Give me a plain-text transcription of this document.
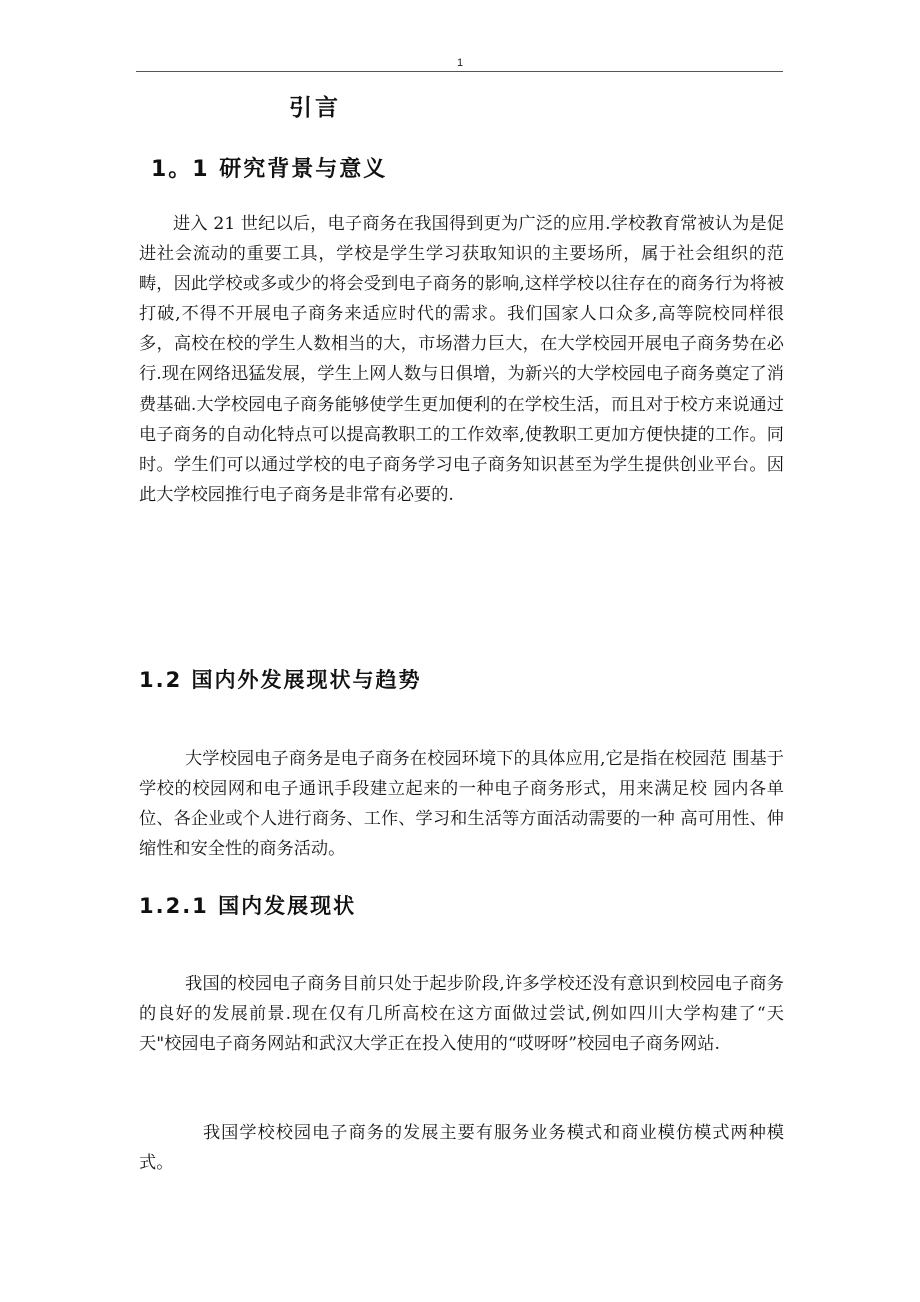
1
引言
1。1 研究背景与意义

进入 21 世纪以后，电子商务在我国得到更为广泛的应用.学校教育常被认为是促进社会流动的重要工具，学校是学生学习获取知识的主要场所，属于社会组织的范畴，因此学校或多或少的将会受到电子商务的影响,这样学校以往存在的商务行为将被打破,不得不开展电子商务来适应时代的需求。我们国家人口众多,高等院校同样很多，高校在校的学生人数相当的大，市场潜力巨大，在大学校园开展电子商务势在必行.现在网络迅猛发展，学生上网人数与日俱增，为新兴的大学校园电子商务奠定了消费基础.大学校园电子商务能够使学生更加便利的在学校生活，而且对于校方来说通过电子商务的自动化特点可以提高教职工的工作效率,使教职工更加方便快捷的工作。同时。学生们可以通过学校的电子商务学习电子商务知识甚至为学生提供创业平台。因此大学校园推行电子商务是非常有必要的.

1.2 国内外发展现状与趋势

大学校园电子商务是电子商务在校园环境下的具体应用,它是指在校园范 围基于学校的校园网和电子通讯手段建立起来的一种电子商务形式，用来满足校 园内各单位、各企业或个人进行商务、工作、学习和生活等方面活动需要的一种 高可用性、伸缩性和安全性的商务活动。

1.2.1 国内发展现状

我国的校园电子商务目前只处于起步阶段,许多学校还没有意识到校园电子商务的良好的发展前景.现在仅有几所高校在这方面做过尝试,例如四川大学构建了“天天"校园电子商务网站和武汉大学正在投入使用的“哎呀呀”校园电子商务网站.

我国学校校园电子商务的发展主要有服务业务模式和商业模仿模式两种模式。
